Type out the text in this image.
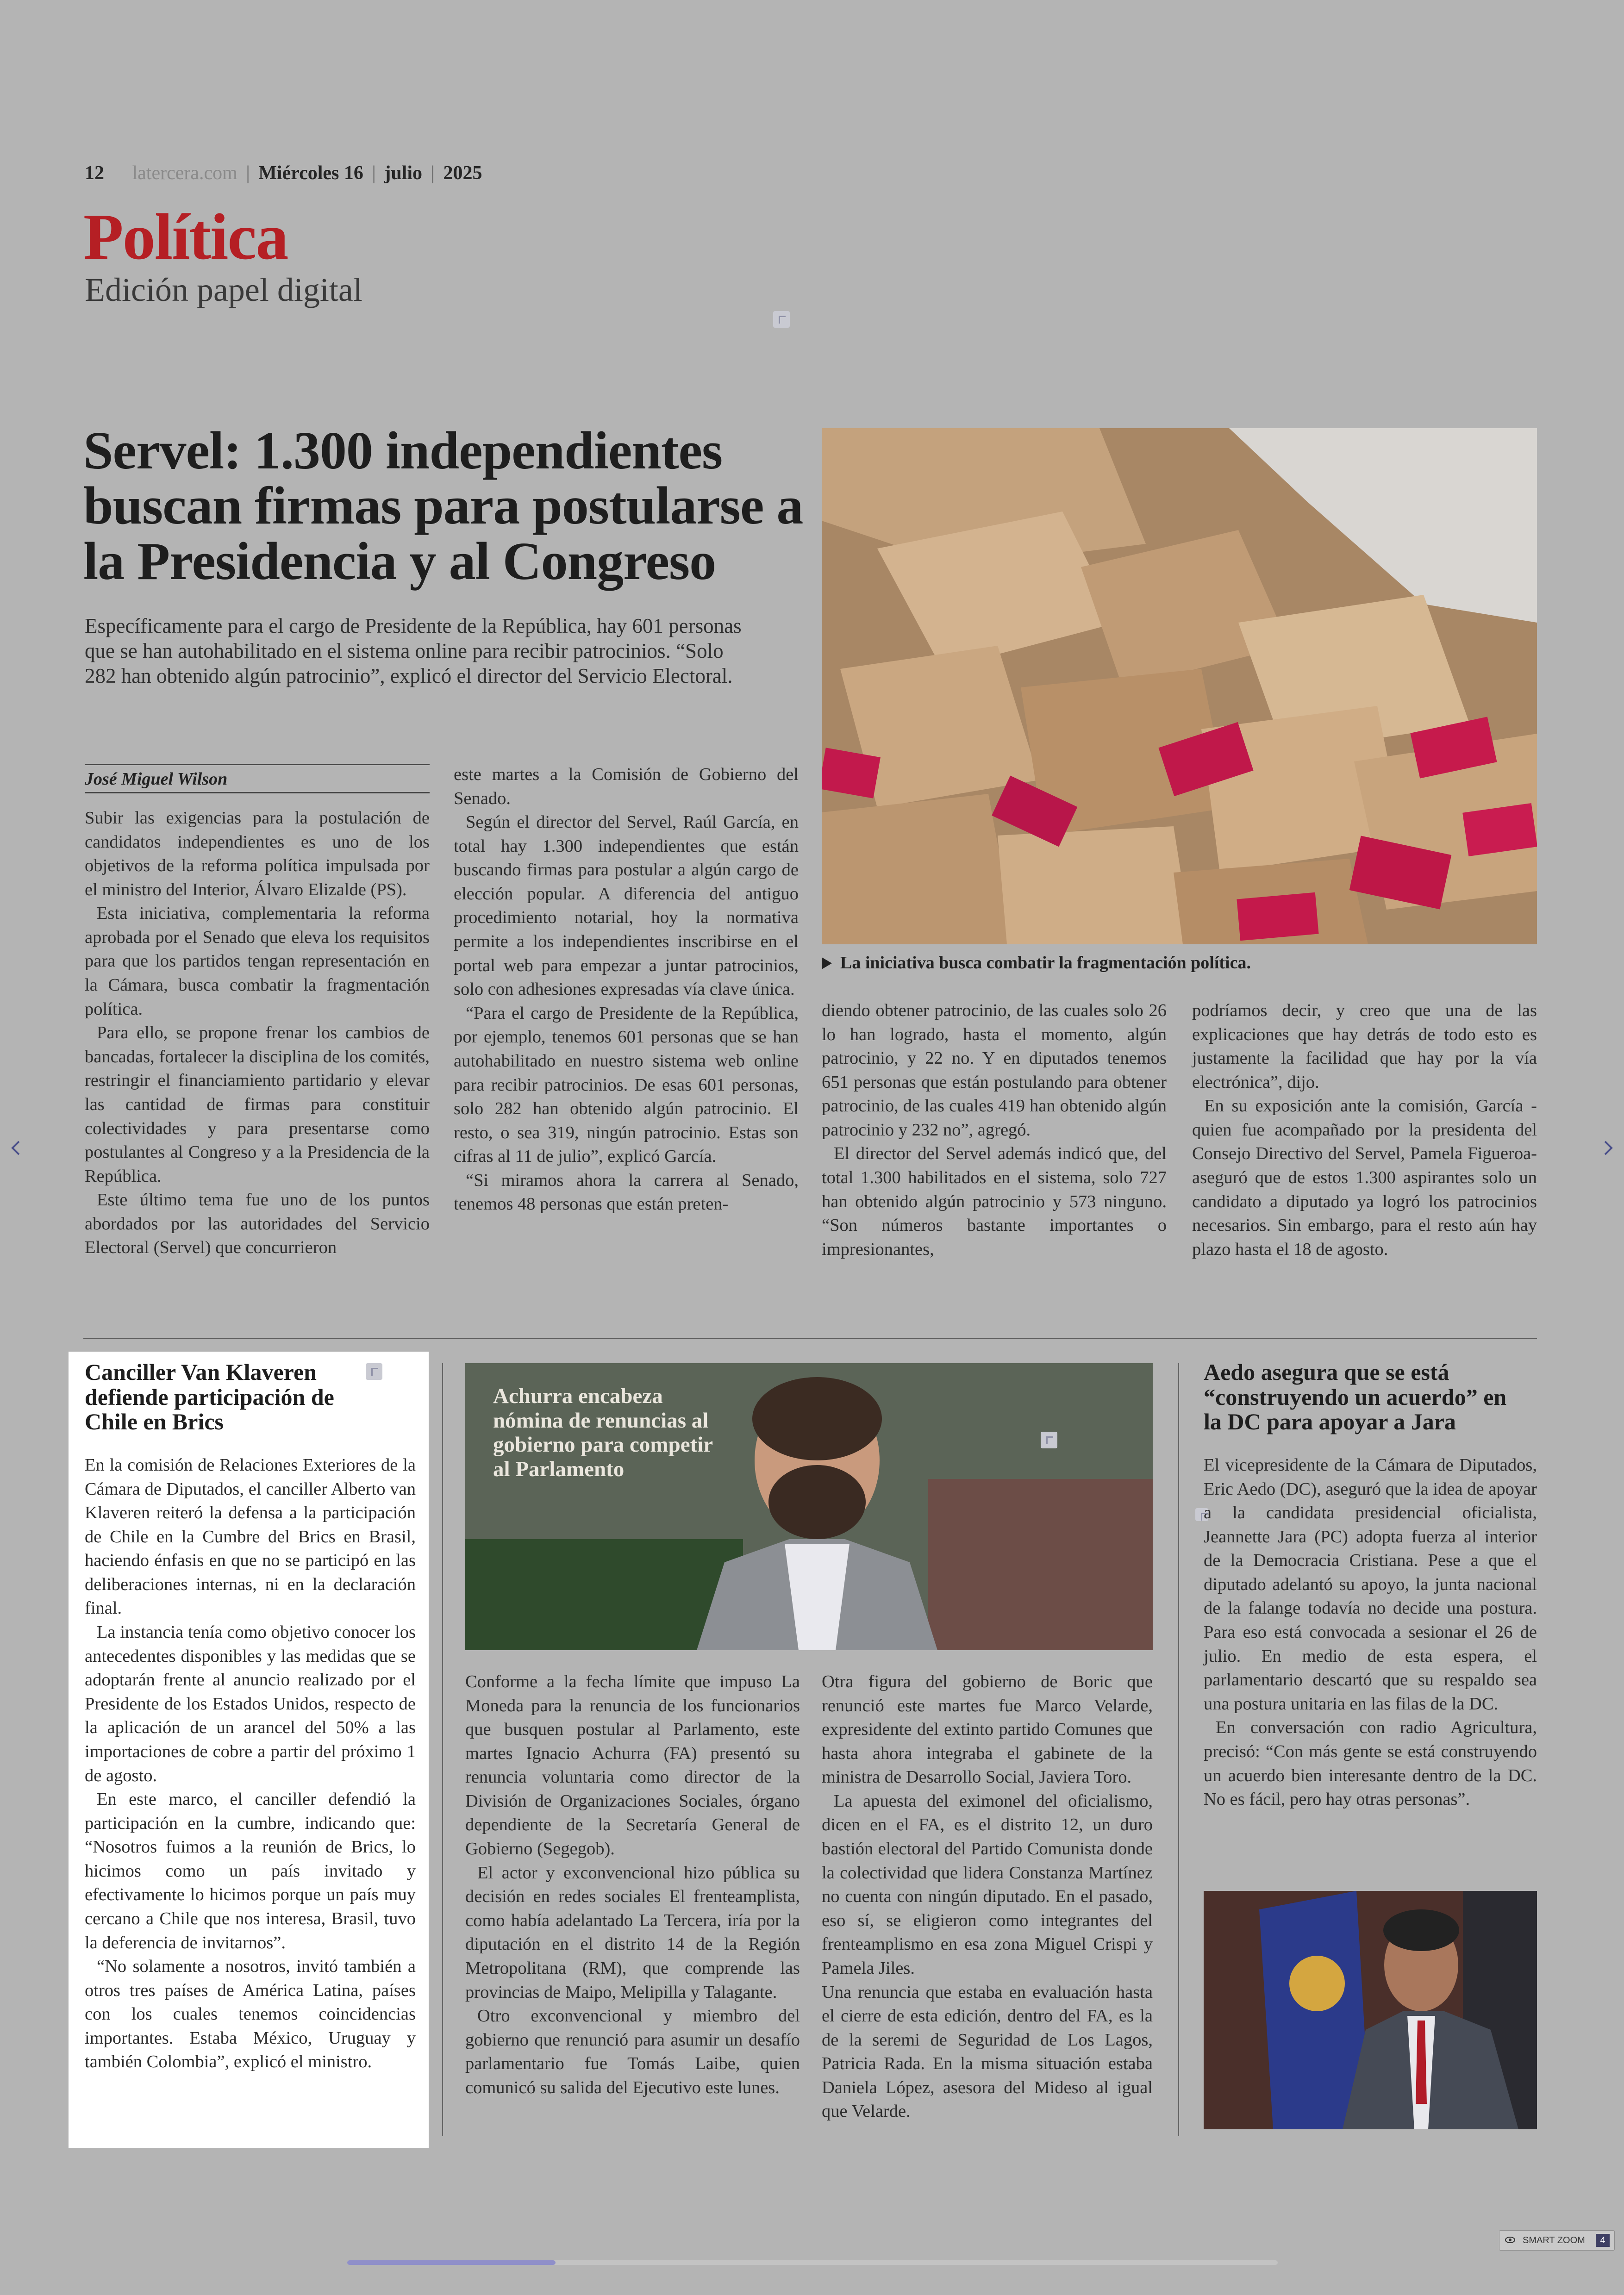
12 latercera.com | Miércoles 16 | julio | 2025
Política
Edición papel digital
Servel: 1.300 independientes buscan firmas para postularse a la Presidencia y al Congreso
Específicamente para el cargo de Presidente de la República, hay 601 personas que se han autohabilitado en el sistema online para recibir patrocinios. “Solo 282 han obtenido algún patrocinio”, explicó el director del Servicio Electoral.
José Miguel Wilson

Subir las exigencias para la postulación de candidatos independientes es uno de los objetivos de la reforma política impulsada por el ministro del Interior, Álvaro Elizalde (PS).

Esta iniciativa, complementaria la reforma aprobada por el Senado que eleva los requisitos para que los partidos tengan representación en la Cámara, busca combatir la fragmentación política.

Para ello, se propone frenar los cambios de bancadas, fortalecer la disciplina de los comités, restringir el financiamiento partidario y elevar las cantidad de firmas para constituir colectividades y para presentarse como postulantes al Congreso y a la Presidencia de la República.

Este último tema fue uno de los puntos abordados por las autoridades del Servicio Electoral (Servel) que concurrieron

este martes a la Comisión de Gobierno del Senado.

Según el director del Servel, Raúl García, en total hay 1.300 independientes que están buscando firmas para postular a algún cargo de elección popular. A diferencia del antiguo procedimiento notarial, hoy la normativa permite a los independientes inscribirse en el portal web para empezar a juntar patrocinios, solo con adhesiones expresadas vía clave única.

“Para el cargo de Presidente de la República, por ejemplo, tenemos 601 personas que se han autohabilitado en nuestro sistema web online para recibir patrocinios. De esas 601 personas, solo 282 han obtenido algún patrocinio. El resto, o sea 319, ningún patrocinio. Estas son cifras al 11 de julio”, explicó García.

“Si miramos ahora la carrera al Senado, tenemos 48 personas que están preten-

diendo obtener patrocinio, de las cuales solo 26 lo han logrado, hasta el momento, algún patrocinio, y 22 no. Y en diputados tenemos 651 personas que están postulando para obtener patrocinio, de las cuales 419 han obtenido algún patrocinio y 232 no”, agregó.

El director del Servel además indicó que, del total 1.300 habilitados en el sistema, solo 727 han obtenido algún patrocinio y 573 ninguno. “Son números bastante importantes o impresionantes,

podríamos decir, y creo que una de las explicaciones que hay detrás de todo esto es justamente la facilidad que hay por la vía electrónica”, dijo.

En su exposición ante la comisión, García -quien fue acompañado por la presidenta del Consejo Directivo del Servel, Pamela Figueroa- aseguró que de estos 1.300 aspirantes solo un candidato a diputado ya logró los patrocinios necesarios. Sin embargo, para el resto aún hay plazo hasta el 18 de agosto.

La iniciativa busca combatir la fragmentación política.
Canciller Van Klaveren defiende participación de Chile en Brics

En la comisión de Relaciones Exteriores de la Cámara de Diputados, el canciller Alberto van Klaveren reiteró la defensa a la participación de Chile en la Cumbre del Brics en Brasil, haciendo énfasis en que no se participó en las deliberaciones internas, ni en la declaración final.

La instancia tenía como objetivo conocer los antecedentes disponibles y las medidas que se adoptarán frente al anuncio realizado por el Presidente de los Estados Unidos, respecto de la aplicación de un arancel del 50% a las importaciones de cobre a partir del próximo 1 de agosto.

En este marco, el canciller defendió la participación en la cumbre, indicando que: “Nosotros fuimos a la reunión de Brics, lo hicimos como un país invitado y efectivamente lo hicimos porque un país muy cercano a Chile que nos interesa, Brasil, tuvo la deferencia de invitarnos”.

“No solamente a nosotros, invitó también a otros tres países de América Latina, países con los cuales tenemos coincidencias importantes. Estaba México, Uruguay y también Colombia”, explicó el ministro.

Achurra encabeza nómina de renuncias al gobierno para competir al Parlamento

Conforme a la fecha límite que impuso La Moneda para la renuncia de los funcionarios que busquen postular al Parlamento, este martes Ignacio Achurra (FA) presentó su renuncia voluntaria como director de la División de Organizaciones Sociales, órgano dependiente de la Secretaría General de Gobierno (Segegob).

El actor y exconvencional hizo pública su decisión en redes sociales El frenteamplista, como había adelantado La Tercera, iría por la diputación en el distrito 14 de la Región Metropolitana (RM), que comprende las provincias de Maipo, Melipilla y Talagante.

Otro exconvencional y miembro del gobierno que renunció para asumir un desafío parlamentario fue Tomás Laibe, quien comunicó su salida del Ejecutivo este lunes.

Otra figura del gobierno de Boric que renunció este martes fue Marco Velarde, expresidente del extinto partido Comunes que hasta ahora integraba el gabinete de la ministra de Desarrollo Social, Javiera Toro.

La apuesta del eximonel del oficialismo, dicen en el FA, es el distrito 12, un duro bastión electoral del Partido Comunista donde la colectividad que lidera Constanza Martínez no cuenta con ningún diputado. En el pasado, eso sí, se eligieron como integrantes del frenteamplismo en esa zona Miguel Crispi y Pamela Jiles.

Una renuncia que estaba en evaluación hasta el cierre de esta edición, dentro del FA, es la de la seremi de Seguridad de Los Lagos, Patricia Rada. En la misma situación estaba Daniela López, asesora del Mideso al igual que Velarde.

Aedo asegura que se está “construyendo un acuerdo” en la DC para apoyar a Jara

El vicepresidente de la Cámara de Diputados, Eric Aedo (DC), aseguró que la idea de apoyar a la candidata presidencial oficialista, Jeannette Jara (PC) adopta fuerza al interior de la Democracia Cristiana. Pese a que el diputado adelantó su apoyo, la junta nacional de la falange todavía no decide una postura. Para eso está convocada a sesionar el 26 de julio. En medio de esta espera, el parlamentario descartó que su respaldo sea una postura unitaria en las filas de la DC.

En conversación con radio Agricultura, precisó: “Con más gente se está construyendo un acuerdo bien interesante dentro de la DC. No es fácil, pero hay otras personas”.

SMART ZOOM	4
